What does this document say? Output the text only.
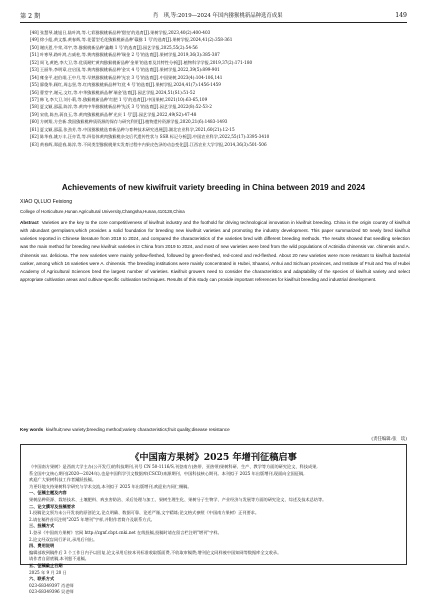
第 2 期	肖　琪,等:2019—2024 年国内猕猴桃新品种选育成果	149
[48] 张慧琴,姚旭日,陆叶鸿,等.七彩猕猴桃新品种'甜皇'的选育[J].果树学报,2023,40(2):400-403
[49] 徐小彪,黄文都,黄春辉,等.花蕾型毛花猕猴桃新品种'赣猕 1 号'的选育[J].果树学报,2024,41(2):358-361
[50] 谢庆恩,牛荣,邓宇,等.猕猴桃新品种'鑫雌 1 号'的选育[J].园艺学报,2025,55(2):54-56
[51] 叶寒琴,路叶鸿,古威柱,等.黄肉猕猴桃新品种'瑞金 2 号'的选育[J].果树学报,2019,36(3):385-387
[52] 周飞,黄艳,李大卫,等.优质耐贮黄肉猕猴桃新品种'金果'的选育及其特性分析[J].植物科学学报,2019,37(2):171-180
[53] 王丽华,李明章,庄启国,等.黄肉猕猴桃新品种'金实 4 号'的选育[J].果树学报,2022,39(5):899-901
[54] 雍金平,赵伯翊,王中月,等.早熟猕猴桃新品种'光农 3 号'的选育[J].中国果树,2023(4):104-106,141
[55] 廖俊华,顾红,周志坚,等.红肉猕猴桃新品种'红优 4 号'的选育[J].果树学报,2024,41(7):1456-1459
[56] 曹堂宇,谢元,文红,等.中华猕猴桃新品种'瑞金'选育[J].园艺学报,2024,51(S1):51-52
[57] 韩飞,李大卫,刘小莉,等.猕猴桃新品种'红肥 1 号'的选育[J].中国果树,2021(10):63-65,109
[58] 夏文颖,邵蕊,陈淳,等.黄肉中华猕猴桃新品种'先沃 3 号'的选育[J].园艺学报,2022(8):52-53-2
[59] 宋欣,陈杰,蒋良玉,等.黄肉猕猴桃新品种'光庆 1 号'[J].园艺学报,2022,49(S2):47-48
[60] 方树翔,方会新.我国猕猴桃种质资源的保存与研究利用[J].植物遗传资源学报,2020,21(6):1483-1493
[61] 夏文颖,邵蕊,张劲芳,等.中国猕猴桃选育新品种与育种技术研究进展[J].湖北农业科学,2021,60(21):12-15
[62] 陈华春,姚万丰,汪亦青,等.四倍体黄肉猕猴桃杂交后代遗传性状与 SSR 标记分析[J].中国农业科学,2022,55(17):3395-3410
[63] 黄春辉,郑迎春,陈淳,等.不同类型猕猴桃果实发育过程中内果皮色泽的动态变化[J].江西农业大学学报,2014,36(3):501-506
Achievements of new kiwifruit variety breeding in China between 2019 and 2024
XIAO Qi,LUO Feixiong
College of Horticulture,Hunan Agricultural University,Changsha,Hunan,410128,China

Abstract Varieties are the key to the core competitiveness of kiwifruit industry and the foothold for driving technological innovation in kiwifruit breeding. China is the origin country of kiwifruit with abundant germplasm,which provides a solid foundation for breeding new kiwifruit varieties and promoting the industry development. This paper summarized 50 newly bred kiwifruit varieties reported in Chinese literature from 2019 to 2024, and compared the characteristics of the varieties bred with different breeding methods. The results showed that seedling selection was the main method for breeding new kiwifruit varieties in China from 2019 to 2024, and most of new varieties were bred from the wild populations of Actinidia chinensis var. chinensis and A. chinensis var. deliciosa. The new varieties were mainly yellow-fleshed, followed by green-fleshed, red-cored and red-fleshed. About 20 new varieties were more resistant to kiwifruit bacterial canker, among which 16 varieties were A. chinensis. The breeding institutions were mainly concentrated in Hubei, Shaanxi, Anhui and Sichuan provinces, and Institute of Fruit and Tea of Hubei Academy of Agricultural Sciences bred the largest number of varieties. Kiwifruit growers need to consider the characteristics and adaptability of the species of kiwifruit variety and select appropriate cultivation areas and cultivar-specific cultivation techniques. Results of this study can provide important references for kiwifruit breeding and industrial development.

Key words kiwifruit;new variety;breeding method;variety characteristics;fruit quality;disease resistance
(责任编辑:张　琰)
《中国南方果树》2025 年增刊征稿启事
《中国南方果树》是西南大学主办(公开发行)的科技期刊,刊号 CN 50-1116/S,刊登南方(热带、亚热带)果树科研、生产、教学等方面的研究论文、科技成果,
系全国中文核心期刊(2020—2024年),也是中国科学引文数据库(CSCD)来源期刊、中国科技核心期刊。本刊拟于 2025 年出版增刊,现面向全国征稿,
欢迎广大果树科技工作者踊跃投稿。
为更好地支持果树科学研究与学术交流,本刊拟于 2025 年出版增刊,欢迎业内同仁赐稿。
一、征稿主题及内容
果树品种资源、栽培技术、土壤肥料、病虫害防治、采后处理与加工、果树生理生化、果树分子生物学、产业经济与发展等方面的研究论文、综述及技术总结等。
二、论文撰写及投稿要求
1.投稿论文须为未公开发表的原创论文,论点明确、数据可靠、论述严谨,文字精练;论文格式参照《中国南方果树》正刊要求。
2.请在稿件首页注明"2025 年增刊"字样,并附作者简介及联系方式。
三、投稿方式
1.登录《中国南方果树》官网 http://zgnf.cbpt.cnki.net 在线投稿,投稿时请在留言栏注明"增刊"字样。
2.论文经双盲同行评议,录用后刊出。
四、费用说明
编辑部收到稿件后 3 个工作日内予以回复,论文录用后按本刊标准收取版面费,不收取审稿费;增刊论文同样被中国知网等数据库全文收录。
请作者自留底稿,本刊恕不退稿。
五、征稿截止日期
2025 年 9 月 20 日
六、联系方式
023-68349397 肖老师
023-68349396 吴老师
